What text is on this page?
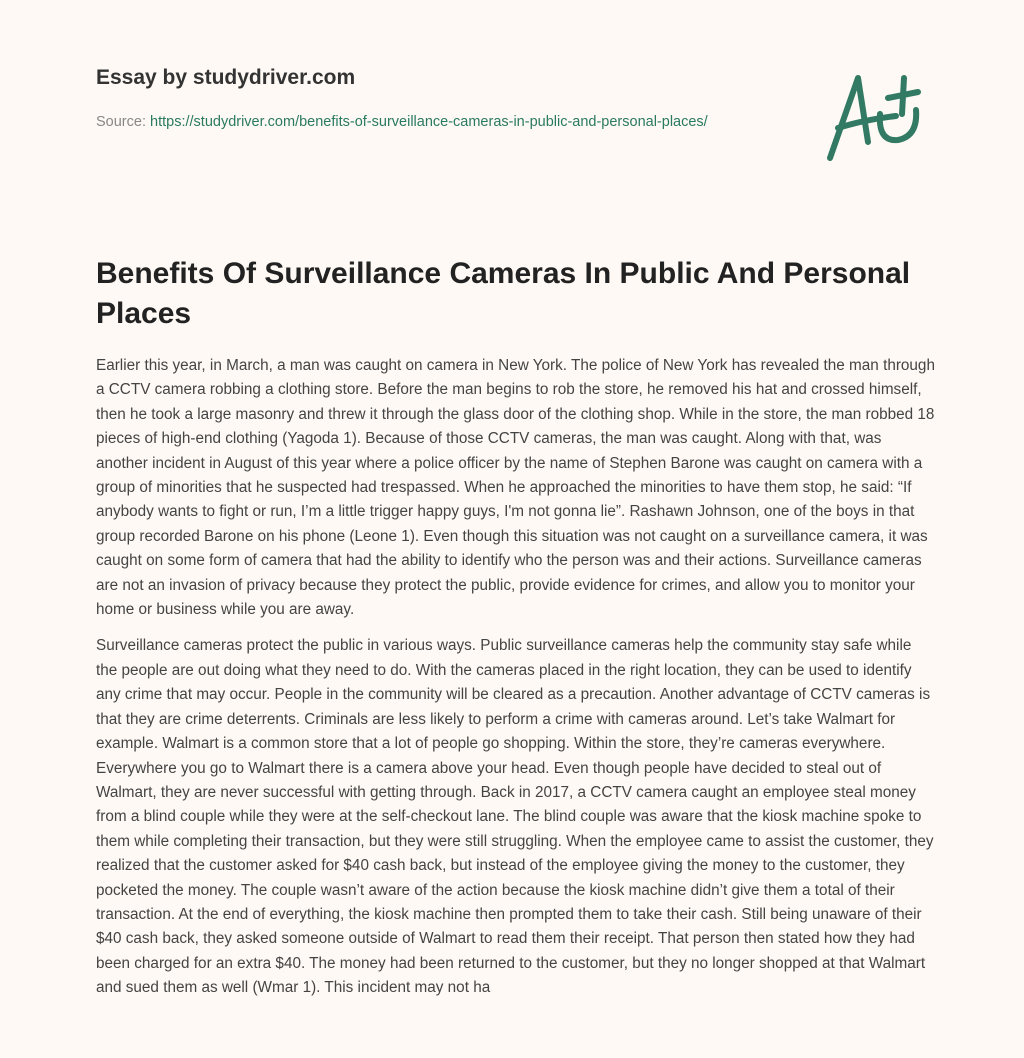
Essay by studydriver.com
Source: https://studydriver.com/benefits-of-surveillance-cameras-in-public-and-personal-places/
Benefits Of Surveillance Cameras In Public And Personal Places

Earlier this year, in March, a man was caught on camera in New York. The police of New York has revealed the man through a CCTV camera robbing a clothing store. Before the man begins to rob the store, he removed his hat and crossed himself, then he took a large masonry and threw it through the glass door of the clothing shop. While in the store, the man robbed 18 pieces of high-end clothing (Yagoda 1). Because of those CCTV cameras, the man was caught. Along with that, was another incident in August of this year where a police officer by the name of Stephen Barone was caught on camera with a group of minorities that he suspected had trespassed. When he approached the minorities to have them stop, he said: “If anybody wants to fight or run, I’m a little trigger happy guys, I'm not gonna lie”. Rashawn Johnson, one of the boys in that group recorded Barone on his phone (Leone 1). Even though this situation was not caught on a surveillance camera, it was caught on some form of camera that had the ability to identify who the person was and their actions. Surveillance cameras are not an invasion of privacy because they protect the public, provide evidence for crimes, and allow you to monitor your home or business while you are away.

Surveillance cameras protect the public in various ways. Public surveillance cameras help the community stay safe while the people are out doing what they need to do. With the cameras placed in the right location, they can be used to identify any crime that may occur. People in the community will be cleared as a precaution. Another advantage of CCTV cameras is that they are crime deterrents. Criminals are less likely to perform a crime with cameras around. Let’s take Walmart for example. Walmart is a common store that a lot of people go shopping. Within the store, they’re cameras everywhere. Everywhere you go to Walmart there is a camera above your head. Even though people have decided to steal out of Walmart, they are never successful with getting through. Back in 2017, a CCTV camera caught an employee steal money from a blind couple while they were at the self-checkout lane. The blind couple was aware that the kiosk machine spoke to them while completing their transaction, but they were still struggling. When the employee came to assist the customer, they realized that the customer asked for $40 cash back, but instead of the employee giving the money to the customer, they pocketed the money. The couple wasn’t aware of the action because the kiosk machine didn’t give them a total of their transaction. At the end of everything, the kiosk machine then prompted them to take their cash. Still being unaware of their $40 cash back, they asked someone outside of Walmart to read them their receipt. That person then stated how they had been charged for an extra $40. The money had been returned to the customer, but they no longer shopped at that Walmart and sued them as well (Wmar 1). This incident may not ha
